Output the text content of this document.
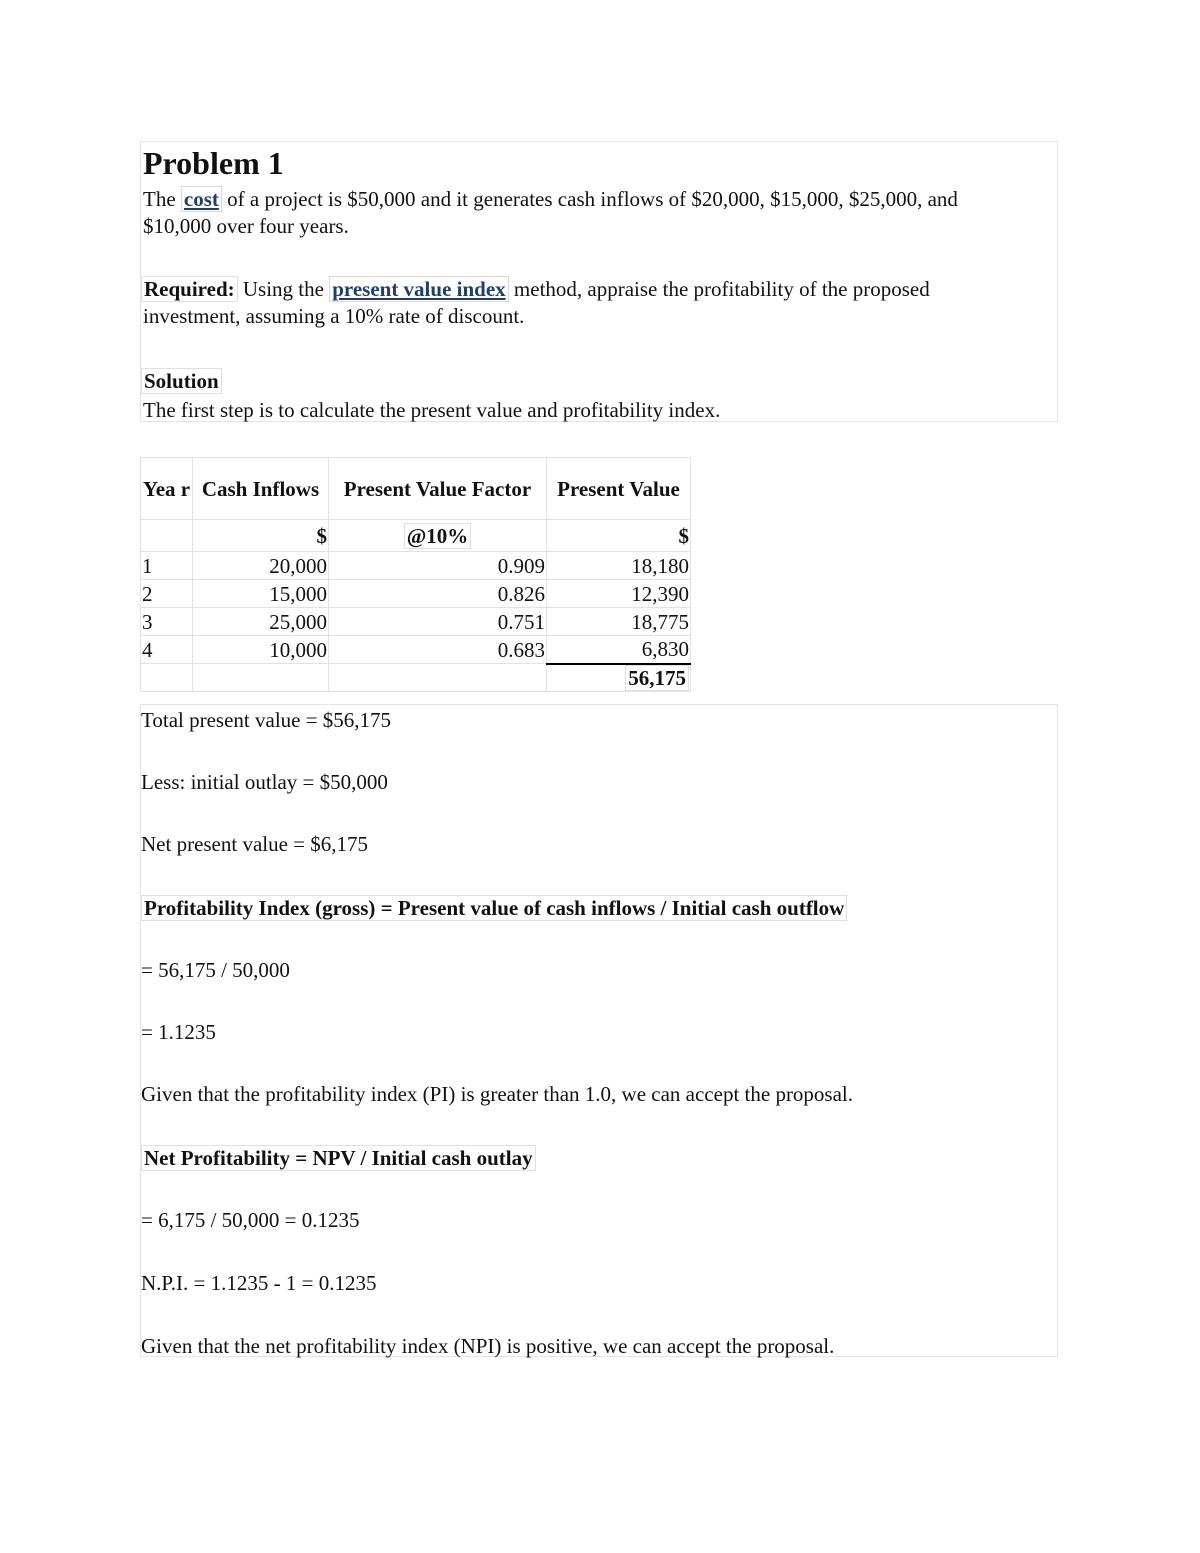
Problem 1
The cost of a project is $50,000 and it generates cash inflows of $20,000, $15,000, $25,000, and
$10,000 over four years.
Required: Using the present value index method, appraise the profitability of the proposed
investment, assuming a 10% rate of discount.
Solution
The first step is to calculate the present value and profitability index.
Yea r	Cash Inflows	Present Value Factor	Present Value
	$	@10%	$
1	20,000	0.909	18,180
2	15,000	0.826	12,390
3	25,000	0.751	18,775
4	10,000	0.683	6,830
			56,175
Total present value = $56,175
Less: initial outlay = $50,000
Net present value = $6,175
Profitability Index (gross) = Present value of cash inflows / Initial cash outflow
= 56,175 / 50,000
= 1.1235
Given that the profitability index (PI) is greater than 1.0, we can accept the proposal.
Net Profitability = NPV / Initial cash outlay
= 6,175 / 50,000 = 0.1235
N.P.I. = 1.1235 - 1 = 0.1235
Given that the net profitability index (NPI) is positive, we can accept the proposal.
